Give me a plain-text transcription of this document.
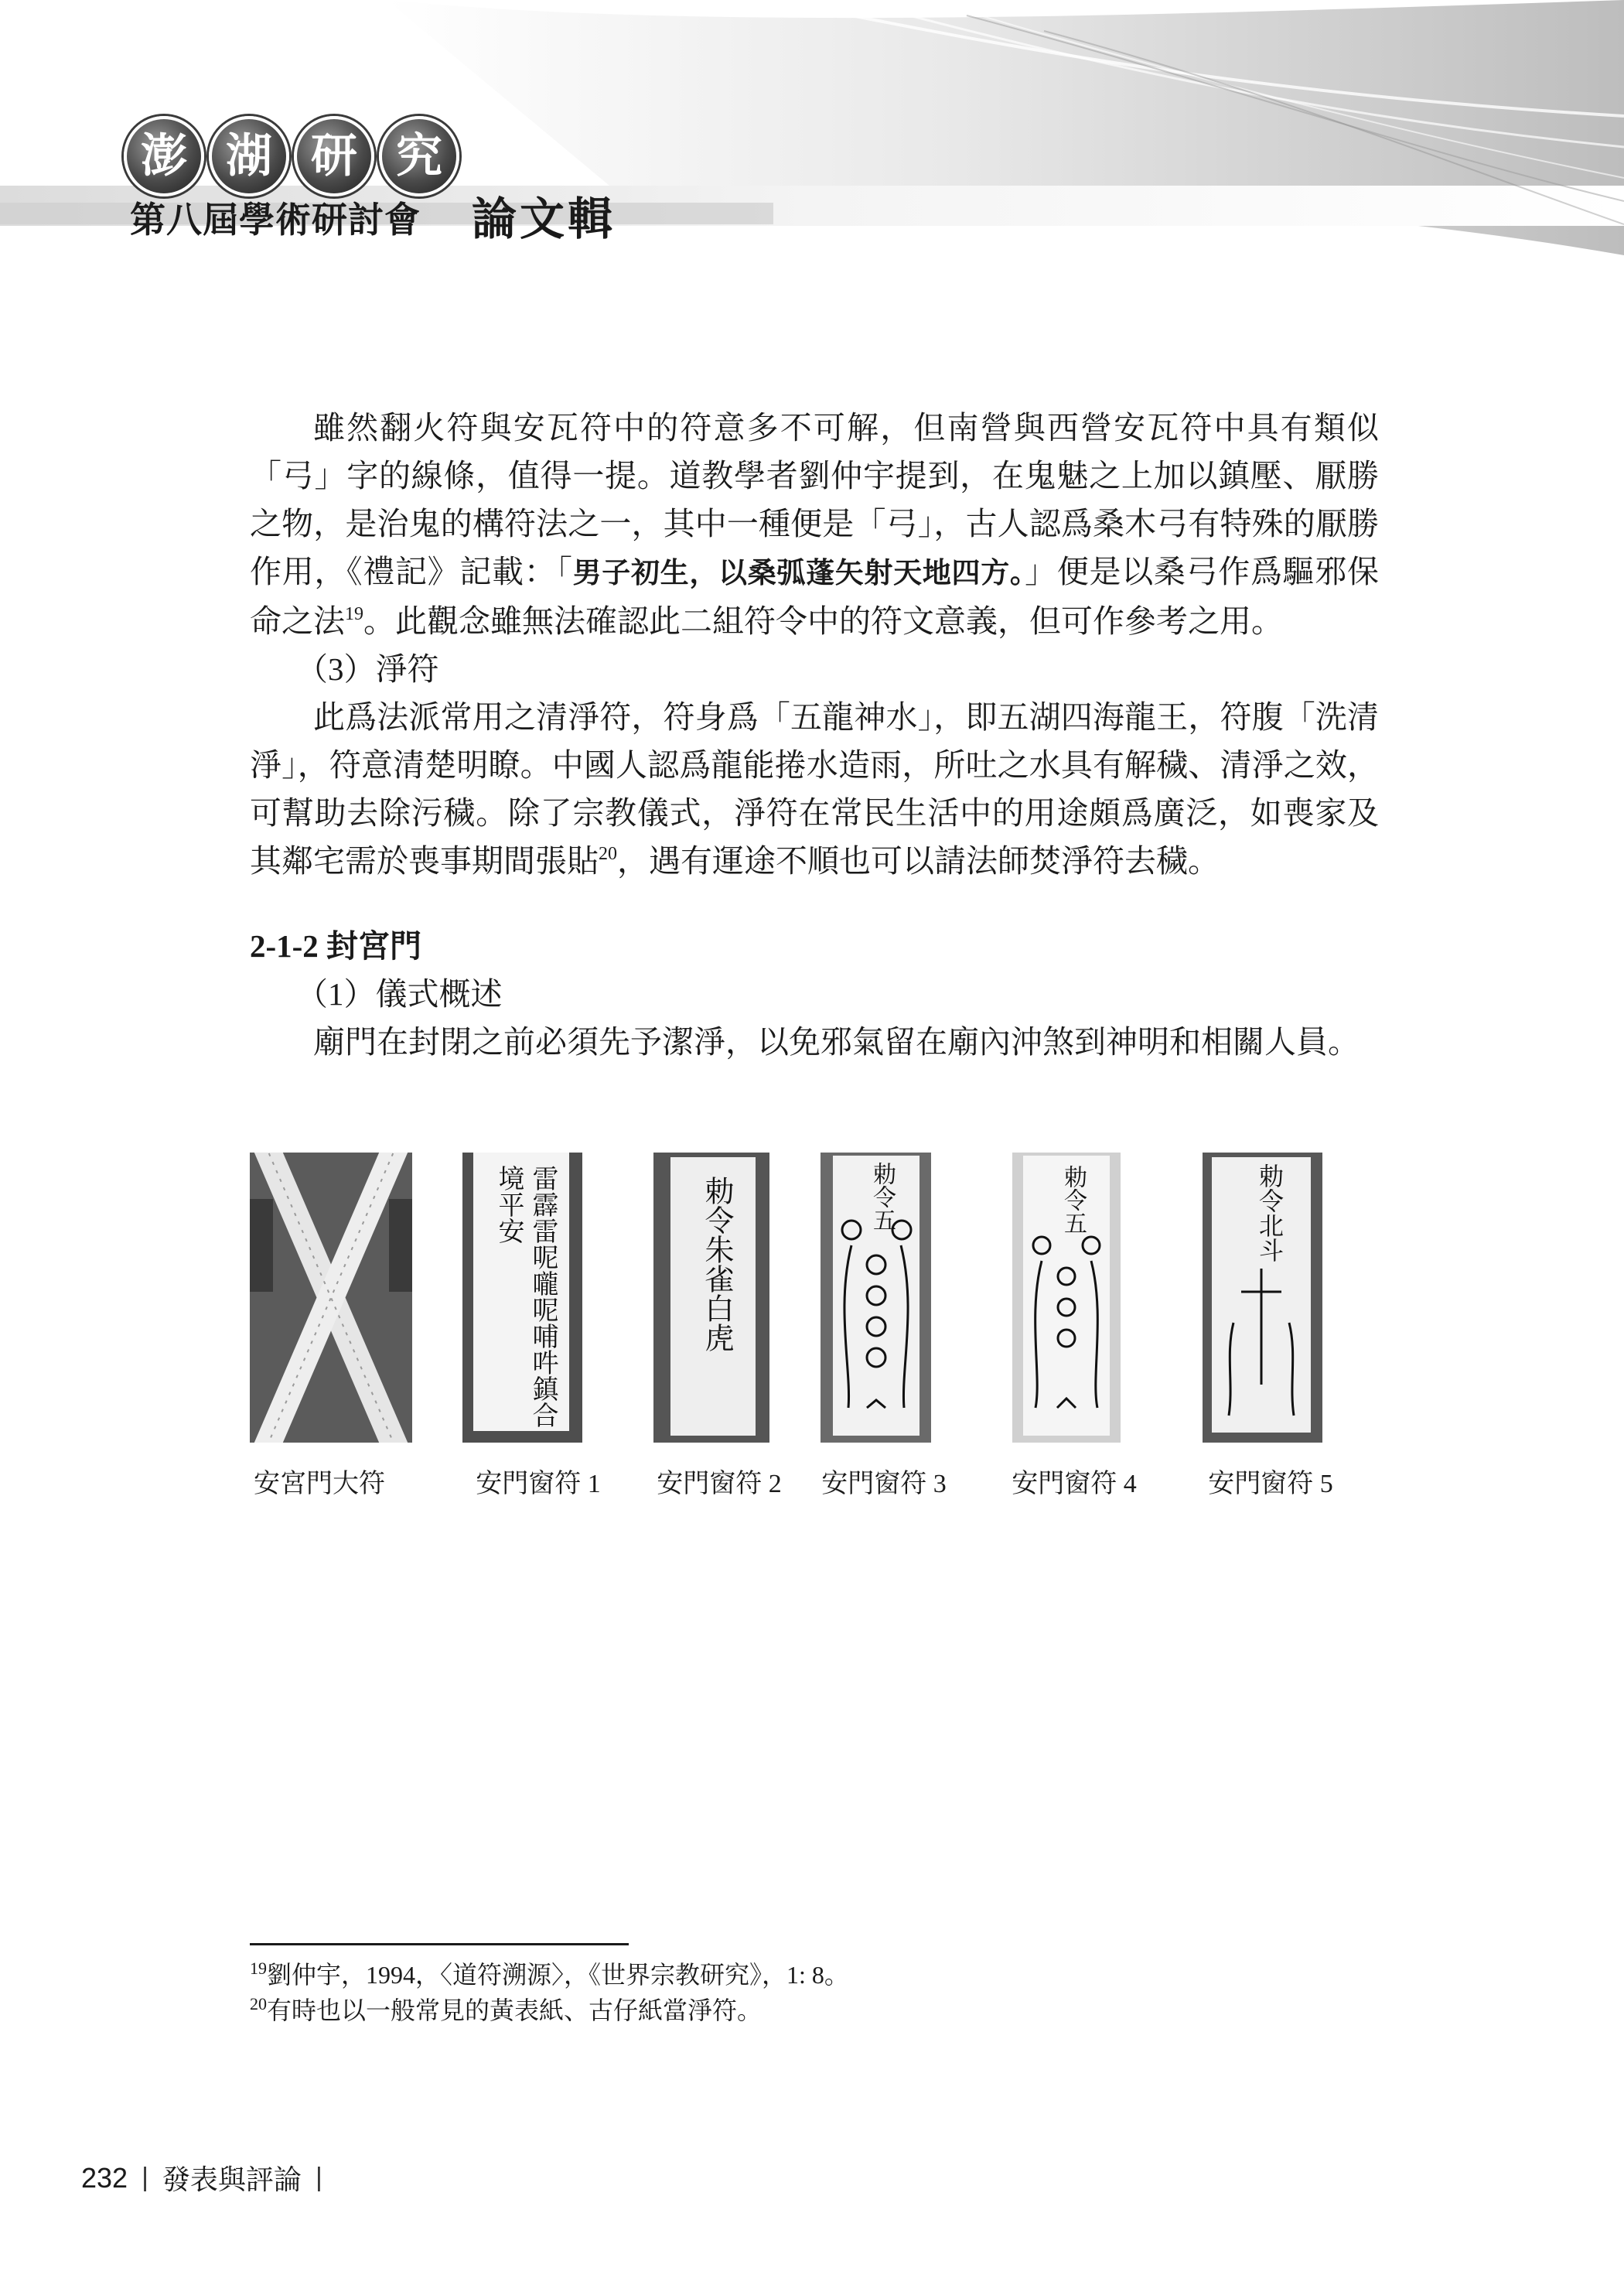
澎 湖 研 究
第八屆學術研討會 論文輯

雖然翻火符與安瓦符中的符意多不可解，但南營與西營安瓦符中具有類似「弓」字的線條，值得一提。道教學者劉仲宇提到，在鬼魅之上加以鎮壓、厭勝之物，是治鬼的構符法之一，其中一種便是「弓」，古人認爲桑木弓有特殊的厭勝作用，《禮記》記載：「男子初生，以桑弧蓬矢射天地四方。」便是以桑弓作爲驅邪保命之法$^{19}$。此觀念雖無法確認此二組符令中的符文意義，但可作參考之用。

（3）淨符

此爲法派常用之清淨符，符身爲「五龍神水」，即五湖四海龍王，符腹「洗清淨」，符意清楚明瞭。中國人認爲龍能捲水造雨，所吐之水具有解穢、清淨之效，可幫助去除污穢。除了宗教儀式，淨符在常民生活中的用途頗爲廣泛，如喪家及其鄰宅需於喪事期間張貼$^{20}$，遇有運途不順也可以請法師焚淨符去穢。

2-1-2 封宮門

（1）儀式概述

廟門在封閉之前必須先予潔淨，以免邪氣留在廟內沖煞到神明和相關人員。

安宮門大符
雷霹雷呢嚨呢哺吽鎮合境平安
安門窗符 1
勅令朱雀白虎
安門窗符 2
勅令五
安門窗符 3
勅令五
安門窗符 4
勅令北斗
安門窗符 5

$^{19}$劉仲宇，1994，〈道符溯源〉，《世界宗教研究》，1: 8。

$^{20}$有時也以一般常見的黃表紙、古仔紙當淨符。

232 | 發表與評論 |
